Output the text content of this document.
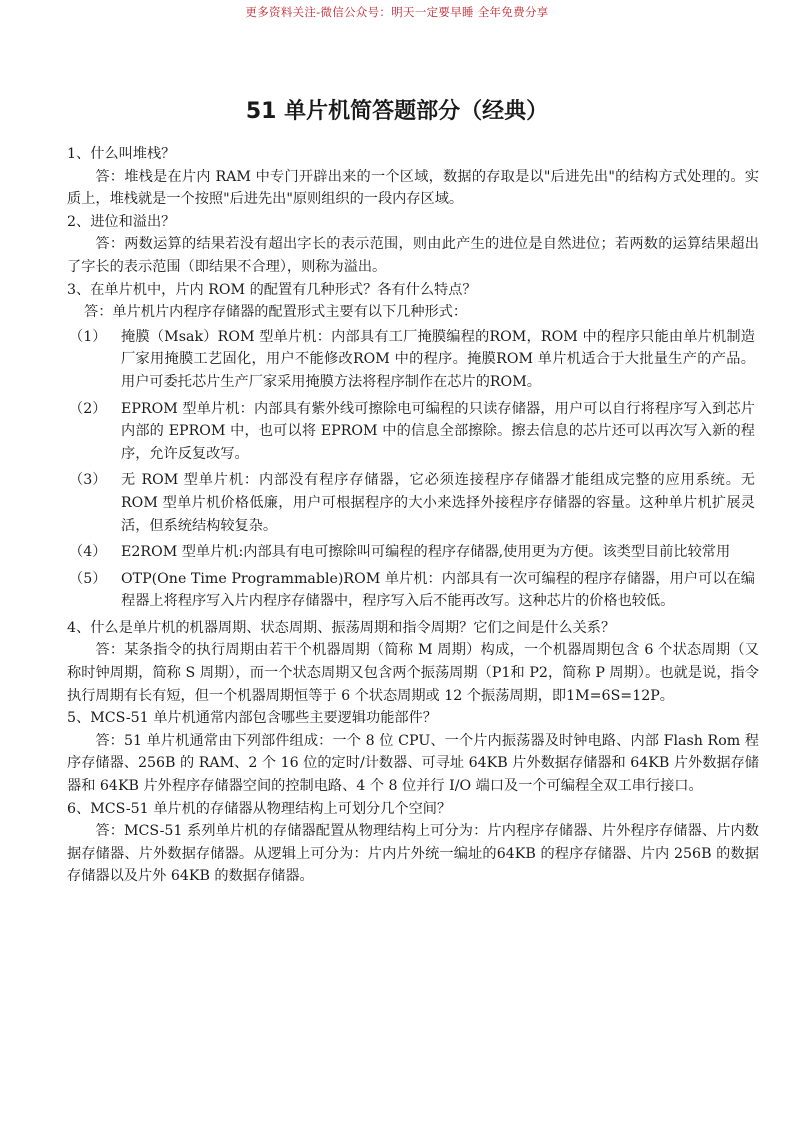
更多资料关注-微信公众号：明天一定要早睡 全年免费分享
51 单片机简答题部分（经典）

1、什么叫堆栈？

答：堆栈是在片内 RAM 中专门开辟出来的一个区域，数据的存取是以"后进先出"的结构方式处理的。实质上，堆栈就是一个按照"后进先出"原则组织的一段内存区域。

2、进位和溢出？

答：两数运算的结果若没有超出字长的表示范围，则由此产生的进位是自然进位；若两数的运算结果超出了字长的表示范围（即结果不合理），则称为溢出。

3、在单片机中，片内 ROM 的配置有几种形式？各有什么特点？

答：单片机片内程序存储器的配置形式主要有以下几种形式：

（1）	掩膜（Msak）ROM 型单片机：内部具有工厂掩膜编程的ROM，ROM 中的程序只能由单片机制造厂家用掩膜工艺固化，用户不能修改ROM 中的程序。掩膜ROM 单片机适合于大批量生产的产品。用户可委托芯片生产厂家采用掩膜方法将程序制作在芯片的ROM。
（2）	EPROM 型单片机：内部具有紫外线可擦除电可编程的只读存储器，用户可以自行将程序写入到芯片内部的 EPROM 中，也可以将 EPROM 中的信息全部擦除。擦去信息的芯片还可以再次写入新的程序，允许反复改写。
（3）	无 ROM 型单片机：内部没有程序存储器，它必须连接程序存储器才能组成完整的应用系统。无 ROM 型单片机价格低廉，用户可根据程序的大小来选择外接程序存储器的容量。这种单片机扩展灵活，但系统结构较复杂。
（4）	E2ROM 型单片机:内部具有电可擦除叫可编程的程序存储器,使用更为方便。该类型目前比较常用
（5）	OTP(One Time Programmable)ROM 单片机：内部具有一次可编程的程序存储器，用户可以在编程器上将程序写入片内程序存储器中，程序写入后不能再改写。这种芯片的价格也较低。

4、什么是单片机的机器周期、状态周期、振荡周期和指令周期？它们之间是什么关系？

答：某条指令的执行周期由若干个机器周期（简称 M 周期）构成，一个机器周期包含 6 个状态周期（又称时钟周期，简称 S 周期），而一个状态周期又包含两个振荡周期（P1和 P2，简称 P 周期）。也就是说，指令执行周期有长有短，但一个机器周期恒等于 6 个状态周期或 12 个振荡周期，即1M=6S=12P。

5、MCS-51 单片机通常内部包含哪些主要逻辑功能部件？

答：51 单片机通常由下列部件组成：一个 8 位 CPU、一个片内振荡器及时钟电路、内部 Flash Rom 程序存储器、256B 的 RAM、2 个 16 位的定时/计数器、可寻址 64KB 片外数据存储器和 64KB 片外数据存储器和 64KB 片外程序存储器空间的控制电路、4 个 8 位并行 I/O 端口及一个可编程全双工串行接口。

6、MCS-51 单片机的存储器从物理结构上可划分几个空间？

答：MCS-51 系列单片机的存储器配置从物理结构上可分为：片内程序存储器、片外程序存储器、片内数据存储器、片外数据存储器。从逻辑上可分为：片内片外统一编址的64KB 的程序存储器、片内 256B 的数据存储器以及片外 64KB 的数据存储器。
